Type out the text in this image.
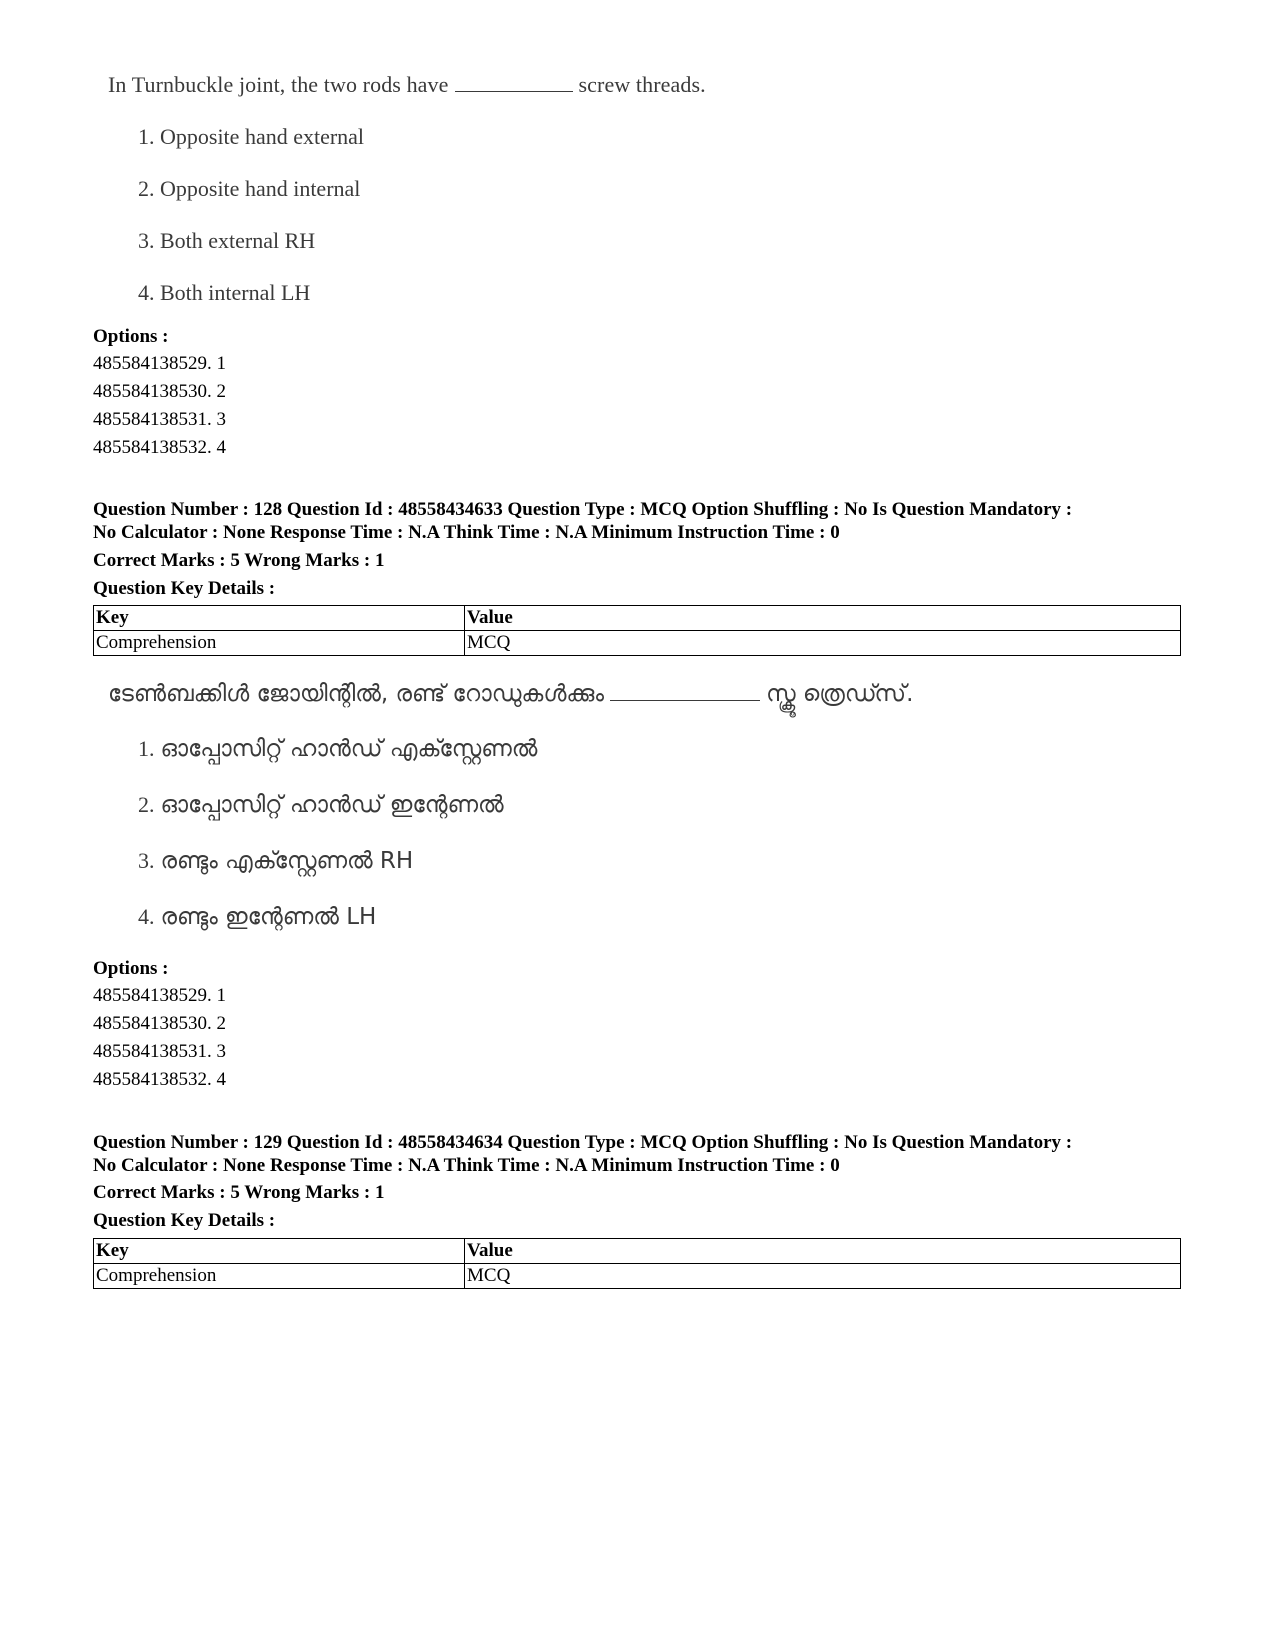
In Turnbuckle joint, the two rods have	screw threads.
1. Opposite hand external
2. Opposite hand internal
3. Both external RH
4. Both internal LH
Options :
485584138529. 1
485584138530. 2
485584138531. 3
485584138532. 4
Question Number : 128 Question Id : 48558434633 Question Type : MCQ Option Shuffling : No Is Question Mandatory :
No Calculator : None Response Time : N.A Think Time : N.A Minimum Instruction Time : 0
Correct Marks : 5 Wrong Marks : 1
Question Key Details :
Key	Value
Comprehension	MCQ
ടേൺബക്കിൾ ജോയിന്റിൽ, രണ്ട് റോഡുകൾക്കും	സ്ക്രൂ ത്രെഡ്സ്.
1. ഓപ്പോസിറ്റ് ഹാൻഡ് എക്സ്റ്റേണൽ
2. ഓപ്പോസിറ്റ് ഹാൻഡ് ഇന്റേണൽ
3. രണ്ടും എക്സ്റ്റേണൽ RH
4. രണ്ടും ഇന്റേണൽ LH
Options :
485584138529. 1
485584138530. 2
485584138531. 3
485584138532. 4
Question Number : 129 Question Id : 48558434634 Question Type : MCQ Option Shuffling : No Is Question Mandatory :
No Calculator : None Response Time : N.A Think Time : N.A Minimum Instruction Time : 0
Correct Marks : 5 Wrong Marks : 1
Question Key Details :
Key	Value
Comprehension	MCQ
